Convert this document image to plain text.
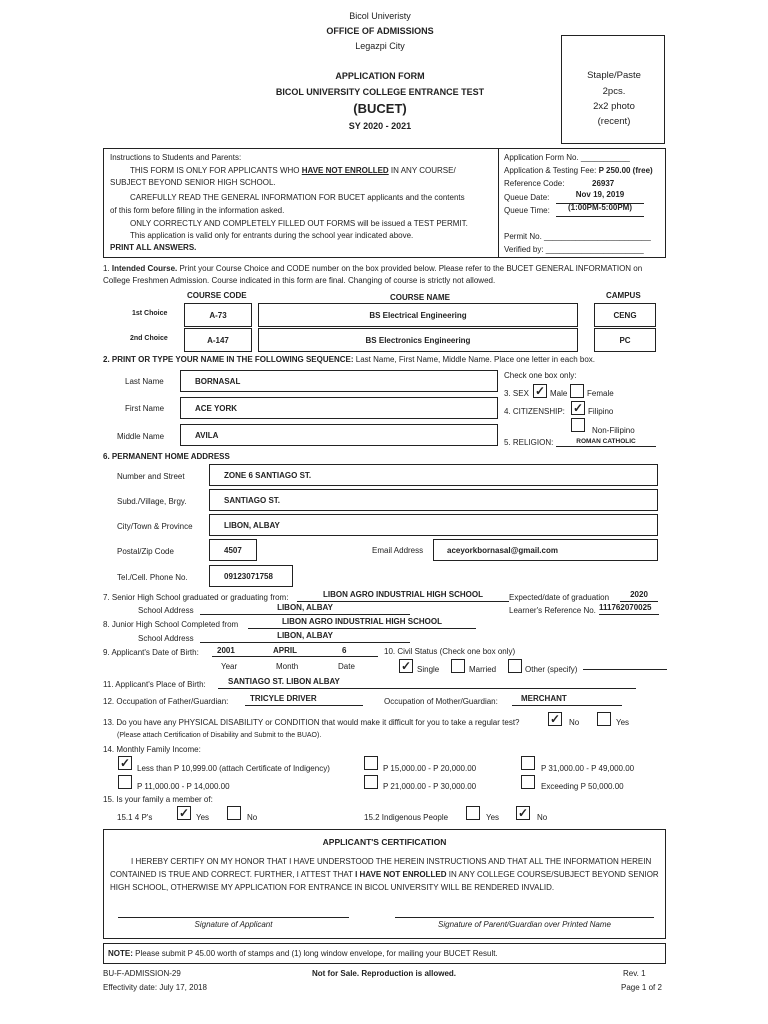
Bicol Univeristy
OFFICE OF ADMISSIONS
Legazpi City
APPLICATION FORM
BICOL UNIVERSITY COLLEGE ENTRANCE TEST
(BUCET)
SY 2020 - 2021
Staple/Paste
2pcs.
2x2 photo
(recent)
Instructions to Students and Parents:
THIS FORM IS ONLY FOR APPLICANTS WHO HAVE NOT ENROLLED IN ANY COURSE/
SUBJECT BEYOND SENIOR HIGH SCHOOL.
CAREFULLY READ THE GENERAL INFORMATION FOR BUCET applicants and the contents
of this form before filling in the information asked.
ONLY CORRECTLY AND COMPLETELY FILLED OUT FORMS will be issued a TEST PERMIT.
This application is valid only for entrants during the school year indicated above.
PRINT ALL ANSWERS.
Application Form No. ___________
Application & Testing Fee: P 250.00 (free)
Reference Code:	26937
Queue Date:	Nov 19, 2019
Queue Time:	(1:00PM-5:00PM)
Permit No. ________________________
Verified by: ______________________
1. Intended Course. Print your Course Choice and CODE number on the box provided below. Please refer to the BUCET GENERAL INFORMATION on
College Freshmen Admission. Course indicated in this form are final. Changing of course is strictly not allowed.
COURSE CODE	COURSE NAME	CAMPUS
1st Choice	A-73	BS Electrical Engineering	CENG
2nd Choice	A-147	BS Electronics Engineering	PC
2. PRINT OR TYPE YOUR NAME IN THE FOLLOWING SEQUENCE: Last Name, First Name, Middle Name. Place one letter in each box.
Last Name	BORNASAL
First Name	ACE YORK
Middle Name	AVILA
Check one box only:
3. SEX ✓ Male Female
4. CITIZENSHIP: ✓ Filipino
Non-Filipino
5. RELIGION:	ROMAN CATHOLIC
6. PERMANENT HOME ADDRESS
Number and Street	ZONE 6 SANTIAGO ST.
Subd./Village, Brgy.	SANTIAGO ST.
City/Town & Province	LIBON, ALBAY
Postal/Zip Code	4507	Email Address	aceyorkbornasal@gmail.com
Tel./Cell. Phone No.	09123071758
7. Senior High School graduated or graduating from:	LIBON AGRO INDUSTRIAL HIGH SCHOOL	Expected/date of graduation	2020
School Address	LIBON, ALBAY	Learner's Reference No. 111762070025
8. Junior High School Completed from	LIBON AGRO INDUSTRIAL HIGH SCHOOL
School Address	LIBON, ALBAY
9. Applicant's Date of Birth: 2001	APRIL	6
Year	Month	Date
10. Civil Status (Check one box only)
✓ Single	Married	Other (specify)
11. Applicant's Place of Birth:	SANTIAGO ST. LIBON ALBAY
12. Occupation of Father/Guardian:	TRICYLE DRIVER	Occupation of Mother/Guardian:	MERCHANT
13. Do you have any PHYSICAL DISABILITY or CONDITION that would make it difficult for you to take a regular test?
(Please attach Certification of Disability and Submit to the BUAO).
✓ No	Yes
14. Monthly Family Income:
✓ Less than P 10,999.00 (attach Certificate of Indigency)
P 11,000.00 - P 14,000.00
P 15,000.00 - P 20,000.00
P 21,000.00 - P 30,000.00
P 31,000.00 - P 49,000.00
Exceeding P 50,000.00
15. Is your family a member of:
15.1 4 P's ✓ Yes	No	15.2 Indigenous People	Yes ✓ No
APPLICANT'S CERTIFICATION
I HEREBY CERTIFY ON MY HONOR THAT I HAVE UNDERSTOOD THE HEREIN INSTRUCTIONS AND THAT ALL THE INFORMATION HEREIN
CONTAINED IS TRUE AND CORRECT. FURTHER, I ATTEST THAT I HAVE NOT ENROLLED IN ANY COLLEGE COURSE/SUBJECT BEYOND SENIOR
HIGH SCHOOL, OTHERWISE MY APPLICATION FOR ENTRANCE IN BICOL UNIVERSITY WILL BE RENDERED INVALID.
Signature of Applicant	Signature of Parent/Guardian over Printed Name
NOTE: Please submit P 45.00 worth of stamps and (1) long window envelope, for mailing your BUCET Result.
BU-F-ADMISSION-29
Effectivity date: July 17, 2018
Not for Sale. Reproduction is allowed.	Rev. 1
Page 1 of 2
